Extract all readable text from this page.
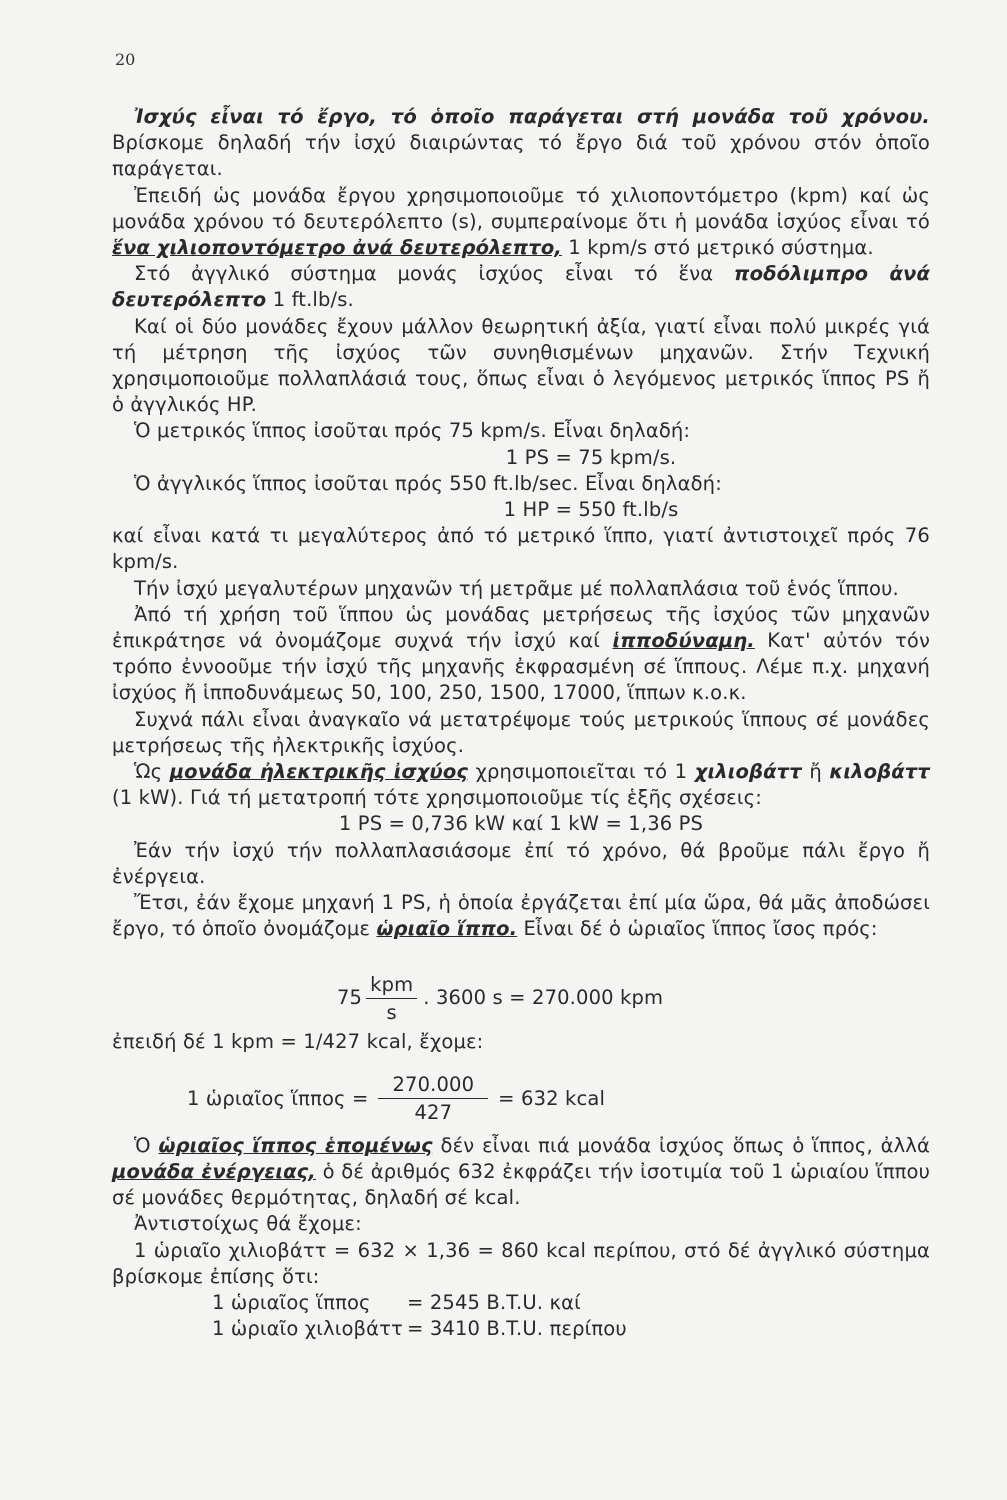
20

Ἰσχύς εἶναι τό ἔργο, τό ὁποῖο παράγεται στή μονάδα τοῦ χρόνου. Βρίσκομε δηλαδή τήν ἰσχύ διαιρώντας τό ἔργο διά τοῦ χρόνου στόν ὁποῖο παράγεται.

Ἐπειδή ὡς μονάδα ἔργου χρησιμοποιοῦμε τό χιλιοποντόμετρο (kpm) καί ὡς μονάδα χρόνου τό δευτερόλεπτο (s), συμπεραίνομε ὅτι ἡ μονάδα ἰσχύος εἶναι τό ἕνα χιλιοποντόμετρο ἀνά δευτερόλεπτο, 1 kpm/s στό μετρικό σύστημα.

Στό ἀγγλικό σύστημα μονάς ἰσχύος εἶναι τό ἕνα ποδόλιμπρο ἀνά δευτερόλεπτο 1 ft.lb/s.

Καί οἱ δύο μονάδες ἔχουν μάλλον θεωρητική ἀξία, γιατί εἶναι πολύ μικρές γιά τή μέτρηση τῆς ἰσχύος τῶν συνηθισμένων μηχανῶν. Στήν Τεχνική χρησιμοποιοῦμε πολλαπλάσιά τους, ὅπως εἶναι ὁ λεγόμενος μετρικός ἵππος PS ἤ ὁ ἀγγλικός HP.

Ὁ μετρικός ἵππος ἰσοῦται πρός 75 kpm/s. Εἶναι δηλαδή:

1 PS = 75 kpm/s.

Ὁ ἀγγλικός ἵππος ἰσοῦται πρός 550 ft.lb/sec. Εἶναι δηλαδή:

1 HP = 550 ft.lb/s

καί εἶναι κατά τι μεγαλύτερος ἀπό τό μετρικό ἵππο, γιατί ἀντιστοιχεῖ πρός 76 kpm/s.

Τήν ἰσχύ μεγαλυτέρων μηχανῶν τή μετρᾶμε μέ πολλαπλάσια τοῦ ἑνός ἵππου.

Ἀπό τή χρήση τοῦ ἵππου ὡς μονάδας μετρήσεως τῆς ἰσχύος τῶν μηχανῶν ἐπικράτησε νά ὀνομάζομε συχνά τήν ἰσχύ καί ἱπποδύναμη. Κατ' αὐτόν τόν τρόπο ἐννοοῦμε τήν ἰσχύ τῆς μηχανῆς ἐκφρασμένη σέ ἵππους. Λέμε π.χ. μηχανή ἰσχύος ἤ ἱπποδυνάμεως 50, 100, 250, 1500, 17000, ἵππων κ.ο.κ.

Συχνά πάλι εἶναι ἀναγκαῖο νά μετατρέψομε τούς μετρικούς ἵππους σέ μονάδες μετρήσεως τῆς ἠλεκτρικῆς ἰσχύος.

Ὡς μονάδα ἠλεκτρικῆς ἰσχύος χρησιμοποιεῖται τό 1 χιλιοβάττ ἤ κιλοβάττ (1 kW). Γιά τή μετατροπή τότε χρησιμοποιοῦμε τίς ἑξῆς σχέσεις:

1 PS = 0,736 kW καί 1 kW = 1,36 PS

Ἐάν τήν ἰσχύ τήν πολλαπλασιάσομε ἐπί τό χρόνο, θά βροῦμε πάλι ἔργο ἤ ἐνέργεια.

Ἔτσι, ἐάν ἔχομε μηχανή 1 PS, ἡ ὁποία ἐργάζεται ἐπί μία ὥρα, θά μᾶς ἀποδώσει ἔργο, τό ὁποῖο ὀνομάζομε ὡριαῖο ἵππο. Εἶναι δέ ὁ ὡριαῖος ἵππος ἴσος πρός:

$75 \frac{\text{kpm}}{s}$ . 3600 s = 270.000 kpm

ἐπειδή δέ 1 kpm = 1/427 kcal, ἔχομε:

1 ὡριαῖος ἵππος = $\frac{270.000}{427} = 632$ kcal

Ὁ ὡριαῖος ἵππος ἑπομένως δέν εἶναι πιά μονάδα ἰσχύος ὅπως ὁ ἵππος, ἀλλά μονάδα ἐνέργειας, ὁ δέ ἀριθμός 632 ἐκφράζει τήν ἰσοτιμία τοῦ 1 ὡριαίου ἵππου σέ μονάδες θερμότητας, δηλαδή σέ kcal.

Ἀντιστοίχως θά ἔχομε:

1 ὡριαῖο χιλιοβάττ = 632 × 1,36 = 860 kcal περίπου, στό δέ ἀγγλικό σύστημα βρίσκομε ἐπίσης ὅτι:

1 ὡριαῖος ἵππος = 2545 B.T.U. καί
1 ὡριαῖο χιλιοβάττ = 3410 B.T.U. περίπου
